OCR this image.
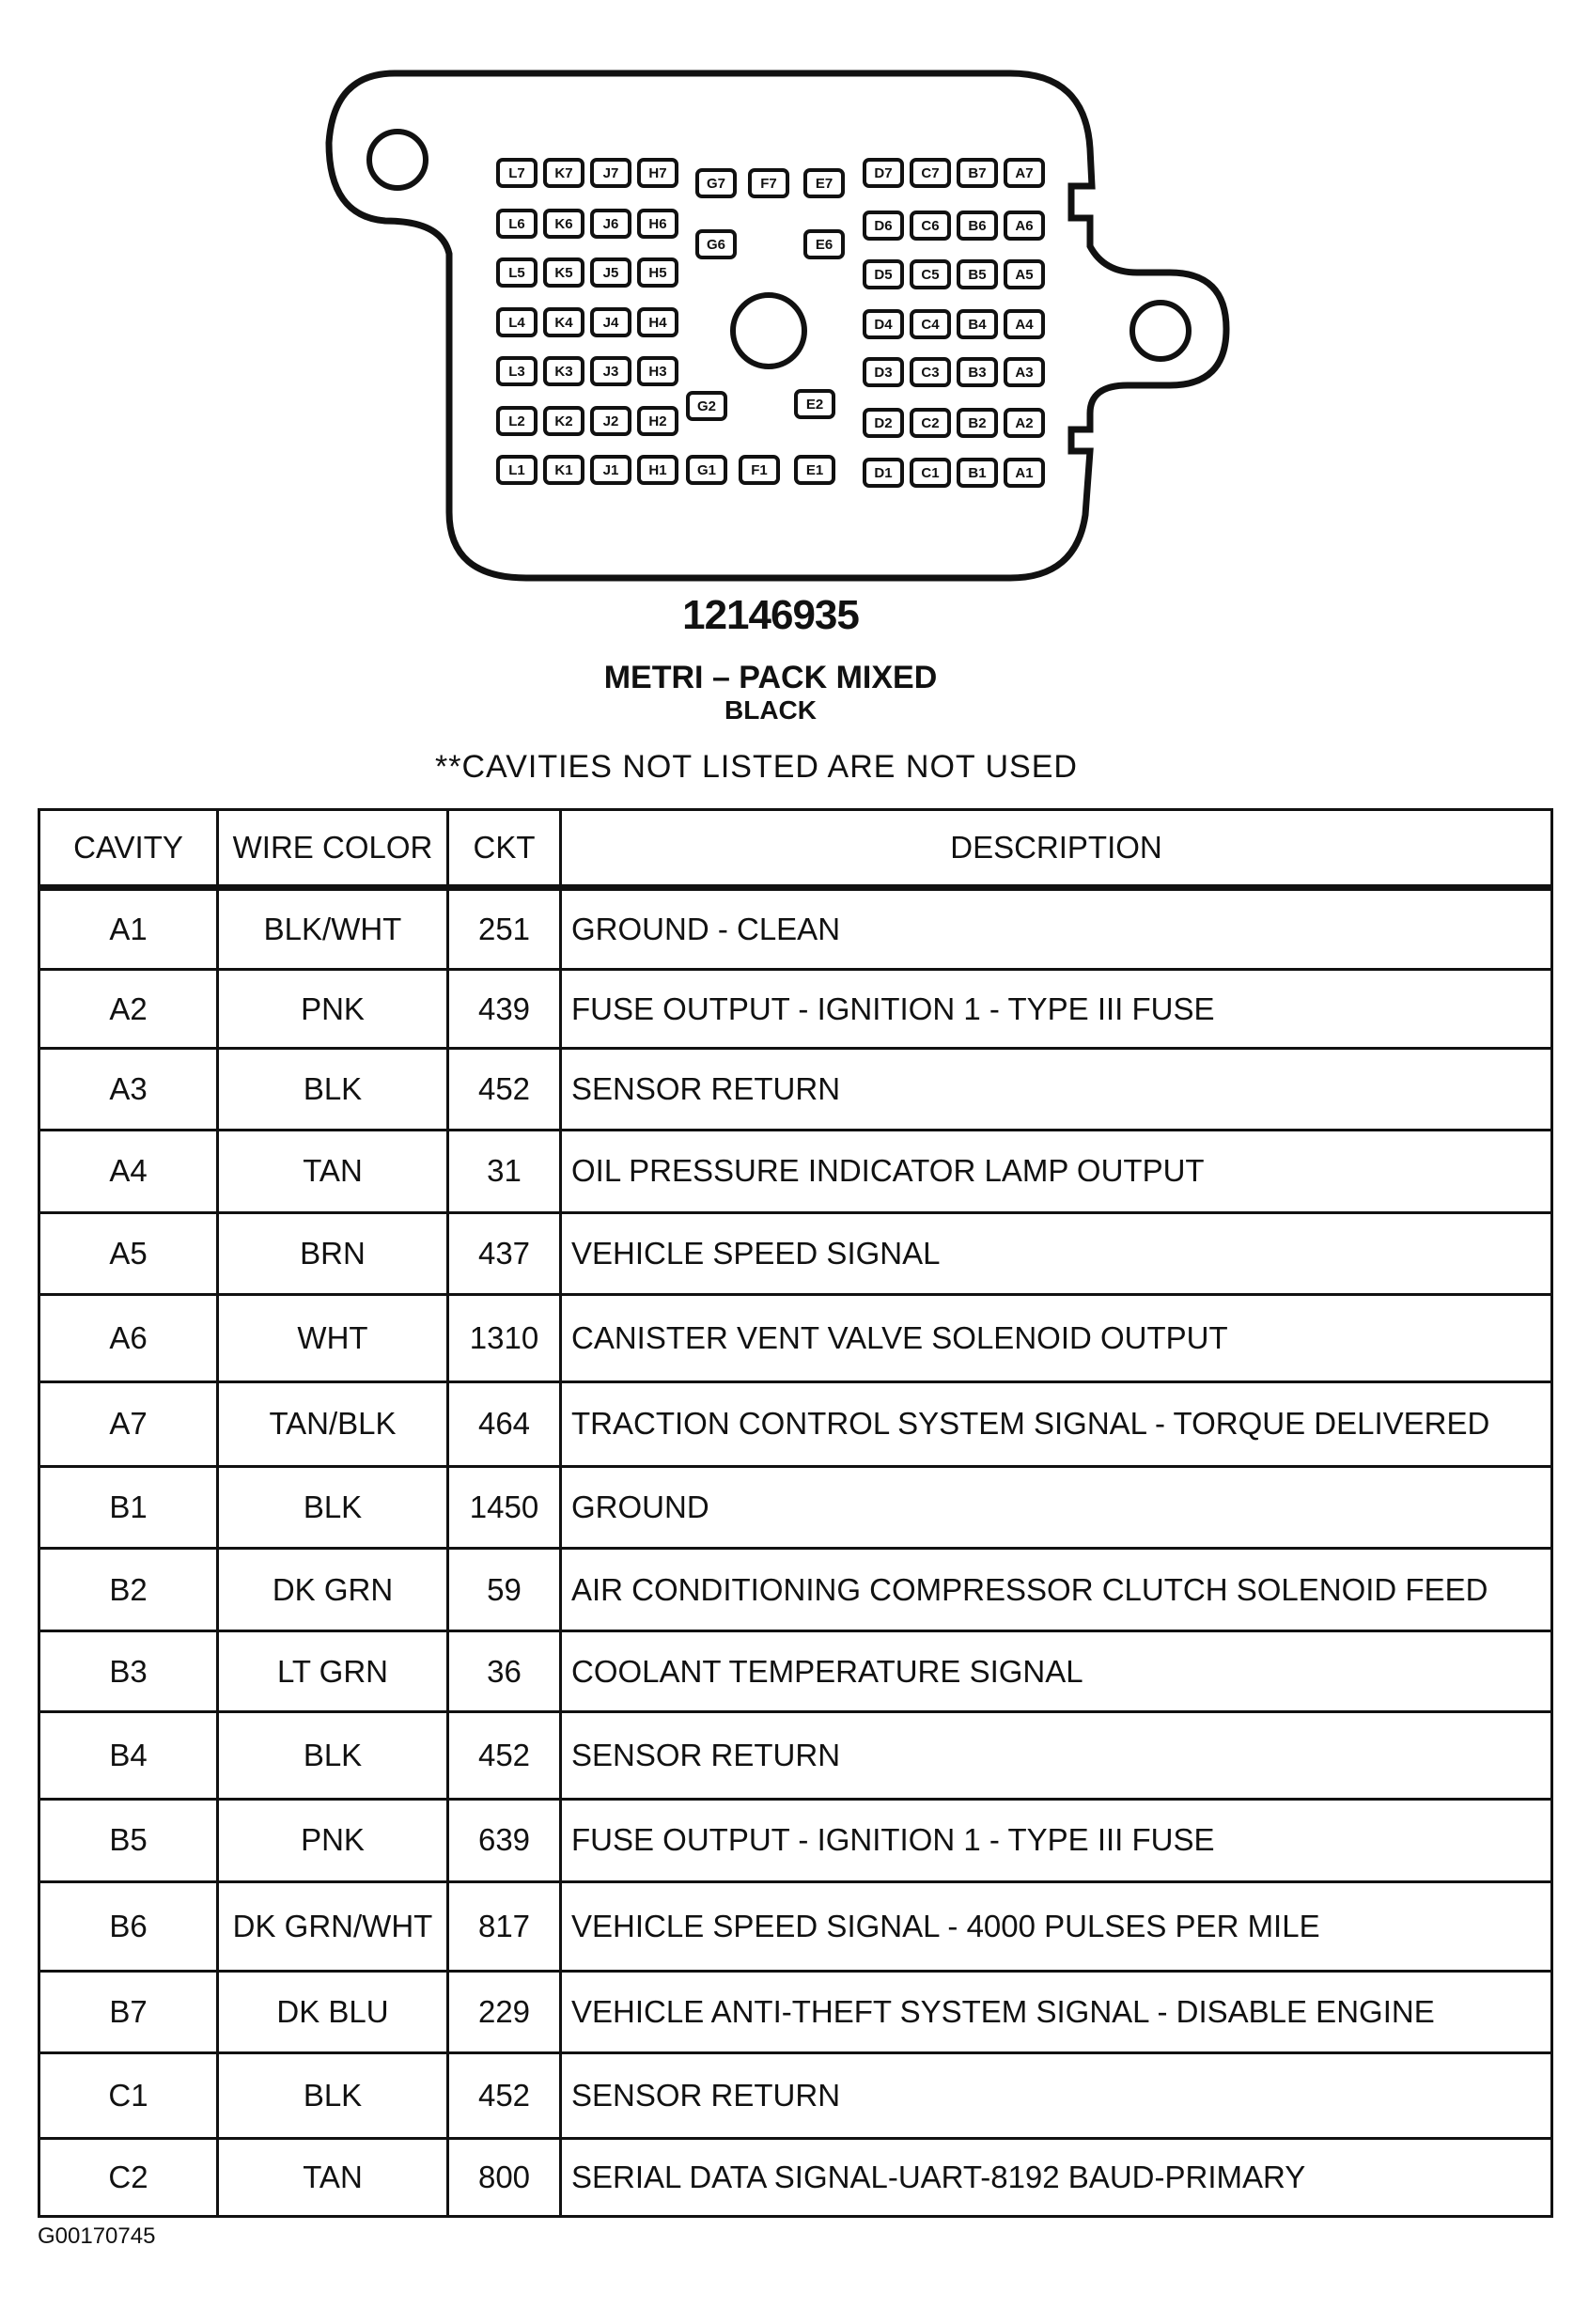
L7 K7 J7 H7
L6 K6 J6 H6
L5 K5 J5 H5
L4 K4 J4 H4
L3 K3 J3 H3
L2 K2 J2 H2
L1 K1 J1 H1
D7 C7 B7 A7
D6 C6 B6 A6
D5 C5 B5 A5
D4 C4 B4 A4
D3 C3 B3 A3
D2 C2 B2 A2
D1 C1 B1 A1
G7 F7	E7
G6	E6
G2	E2
G1 F1	E1
12146935
METRI – PACK MIXED
BLACK
**CAVITIES NOT LISTED ARE NOT USED
CAVITY	WIRE COLOR	CKT	DESCRIPTION
A1	BLK/WHT	251	GROUND - CLEAN
A2	PNK	439	FUSE OUTPUT - IGNITION 1 - TYPE III FUSE
A3	BLK	452	SENSOR RETURN
A4	TAN	31	OIL PRESSURE INDICATOR LAMP OUTPUT
A5	BRN	437	VEHICLE SPEED SIGNAL
A6	WHT	1310	CANISTER VENT VALVE SOLENOID OUTPUT
A7	TAN/BLK	464	TRACTION CONTROL SYSTEM SIGNAL - TORQUE DELIVERED
B1	BLK	1450	GROUND
B2	DK GRN	59	AIR CONDITIONING COMPRESSOR CLUTCH SOLENOID FEED
B3	LT GRN	36	COOLANT TEMPERATURE SIGNAL
B4	BLK	452	SENSOR RETURN
B5	PNK	639	FUSE OUTPUT - IGNITION 1 - TYPE III FUSE
B6	DK GRN/WHT	817	VEHICLE SPEED SIGNAL - 4000 PULSES PER MILE
B7	DK BLU	229	VEHICLE ANTI-THEFT SYSTEM SIGNAL - DISABLE ENGINE
C1	BLK	452	SENSOR RETURN
C2	TAN	800	SERIAL DATA SIGNAL-UART-8192 BAUD-PRIMARY
G00170745
